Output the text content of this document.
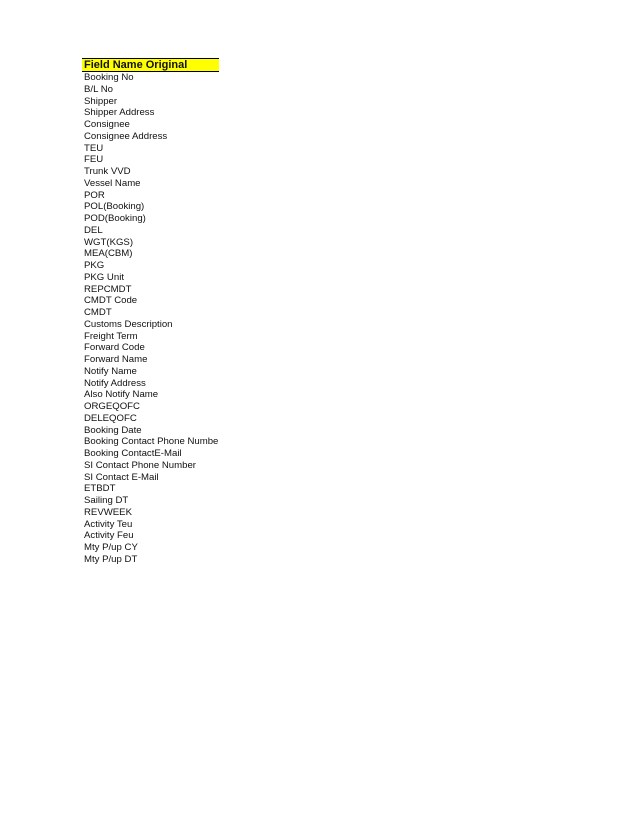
Field Name Original
Booking No
B/L No
Shipper
Shipper Address
Consignee
Consignee Address
TEU
FEU
Trunk VVD
Vessel Name
POR
POL(Booking)
POD(Booking)
DEL
WGT(KGS)
MEA(CBM)
PKG
PKG Unit
REPCMDT
CMDT Code
CMDT
Customs Description
Freight Term
Forward Code
Forward Name
Notify Name
Notify Address
Also Notify Name
ORGEQOFC
DELEQOFC
Booking Date
Booking Contact Phone Numbe
Booking ContactE-Mail
SI Contact Phone Number
SI Contact E-Mail
ETBDT
Sailing DT
REVWEEK
Activity Teu
Activity Feu
Mty P/up CY
Mty P/up DT
